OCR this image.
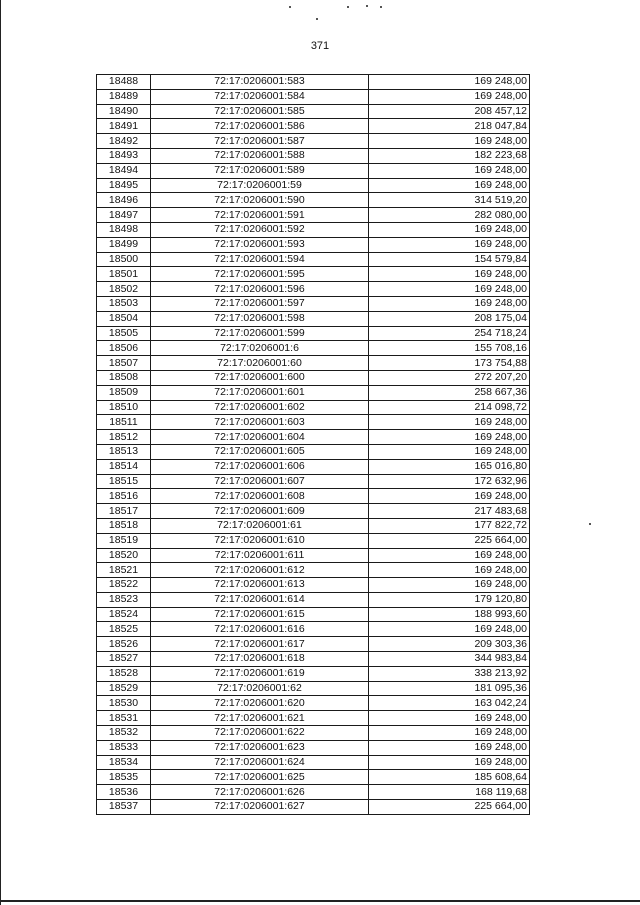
371
18488	72:17:0206001:583	169 248,00
18489	72:17:0206001:584	169 248,00
18490	72:17:0206001:585	208 457,12
18491	72:17:0206001:586	218 047,84
18492	72:17:0206001:587	169 248,00
18493	72:17:0206001:588	182 223,68
18494	72:17:0206001:589	169 248,00
18495	72:17:0206001:59	169 248,00
18496	72:17:0206001:590	314 519,20
18497	72:17:0206001:591	282 080,00
18498	72:17:0206001:592	169 248,00
18499	72:17:0206001:593	169 248,00
18500	72:17:0206001:594	154 579,84
18501	72:17:0206001:595	169 248,00
18502	72:17:0206001:596	169 248,00
18503	72:17:0206001:597	169 248,00
18504	72:17:0206001:598	208 175,04
18505	72:17:0206001:599	254 718,24
18506	72:17:0206001:6	155 708,16
18507	72:17:0206001:60	173 754,88
18508	72:17:0206001:600	272 207,20
18509	72:17:0206001:601	258 667,36
18510	72:17:0206001:602	214 098,72
18511	72:17:0206001:603	169 248,00
18512	72:17:0206001:604	169 248,00
18513	72:17:0206001:605	169 248,00
18514	72:17:0206001:606	165 016,80
18515	72:17:0206001:607	172 632,96
18516	72:17:0206001:608	169 248,00
18517	72:17:0206001:609	217 483,68
18518	72:17:0206001:61	177 822,72
18519	72:17:0206001:610	225 664,00
18520	72:17:0206001:611	169 248,00
18521	72:17:0206001:612	169 248,00
18522	72:17:0206001:613	169 248,00
18523	72:17:0206001:614	179 120,80
18524	72:17:0206001:615	188 993,60
18525	72:17:0206001:616	169 248,00
18526	72:17:0206001:617	209 303,36
18527	72:17:0206001:618	344 983,84
18528	72:17:0206001:619	338 213,92
18529	72:17:0206001:62	181 095,36
18530	72:17:0206001:620	163 042,24
18531	72:17:0206001:621	169 248,00
18532	72:17:0206001:622	169 248,00
18533	72:17:0206001:623	169 248,00
18534	72:17:0206001:624	169 248,00
18535	72:17:0206001:625	185 608,64
18536	72:17:0206001:626	168 119,68
18537	72:17:0206001:627	225 664,00
